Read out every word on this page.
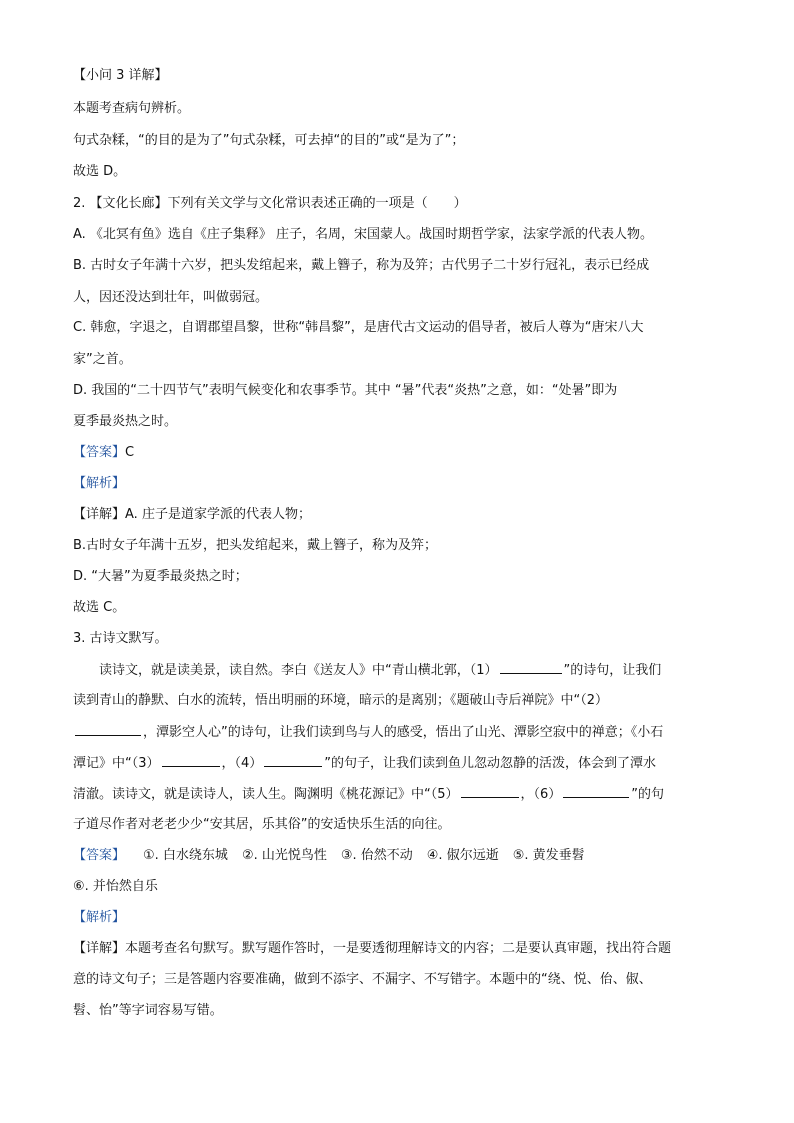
【小问 3 详解】
本题考查病句辨析。
句式杂糅，“的目的是为了”句式杂糅，可去掉“的目的”或“是为了”；
故选 D。
2. 【文化长廊】下列有关文学与文化常识表述正确的一项是（　　）
A. 《北冥有鱼》选自《庄子集释》 庄子，名周，宋国蒙人。战国时期哲学家，法家学派的代表人物。
B. 古时女子年满十六岁，把头发绾起来，戴上簪子，称为及笄；古代男子二十岁行冠礼，表示已经成
人，因还没达到壮年，叫做弱冠。
C. 韩愈，字退之，自谓郡望昌黎，世称“韩昌黎”，是唐代古文运动的倡导者，被后人尊为“唐宋八大
家”之首。
D. 我国的“二十四节气”表明气候变化和农事季节。其中 “暑”代表“炎热”之意，如：“处暑”即为
夏季最炎热之时。
【答案】C
【解析】
【详解】A. 庄子是道家学派的代表人物；
B.古时女子年满十五岁，把头发绾起来，戴上簪子，称为及笄；
D. “大暑”为夏季最炎热之时；
故选 C。
3. 古诗文默写。
读诗文，就是读美景，读自然。李白《送友人》中“青山横北郭，（1）	”的诗句，让我们
读到青山的静默、白水的流转，悟出明丽的环境，暗示的是离别；《题破山寺后禅院》中“（2）
，潭影空人心”的诗句，让我们读到鸟与人的感受，悟出了山光、潭影空寂中的禅意；《小石
潭记》中“（3）	，（4）	”的句子，让我们读到鱼儿忽动忽静的活泼，体会到了潭水
清澈。读诗文，就是读诗人，读人生。陶渊明《桃花源记》中“（5）	，（6）	”的句
子道尽作者对老老少少“安其居，乐其俗”的安适快乐生活的向往。
【答案】 ①. 白水绕东城 ②. 山光悦鸟性 ③. 佁然不动 ④. 俶尔远逝 ⑤. 黄发垂髫
⑥. 并怡然自乐
【解析】
【详解】本题考查名句默写。默写题作答时，一是要透彻理解诗文的内容；二是要认真审题，找出符合题
意的诗文句子；三是答题内容要准确，做到不添字、不漏字、不写错字。本题中的“绕、悦、佁、俶、
髫、怡”等字词容易写错。
